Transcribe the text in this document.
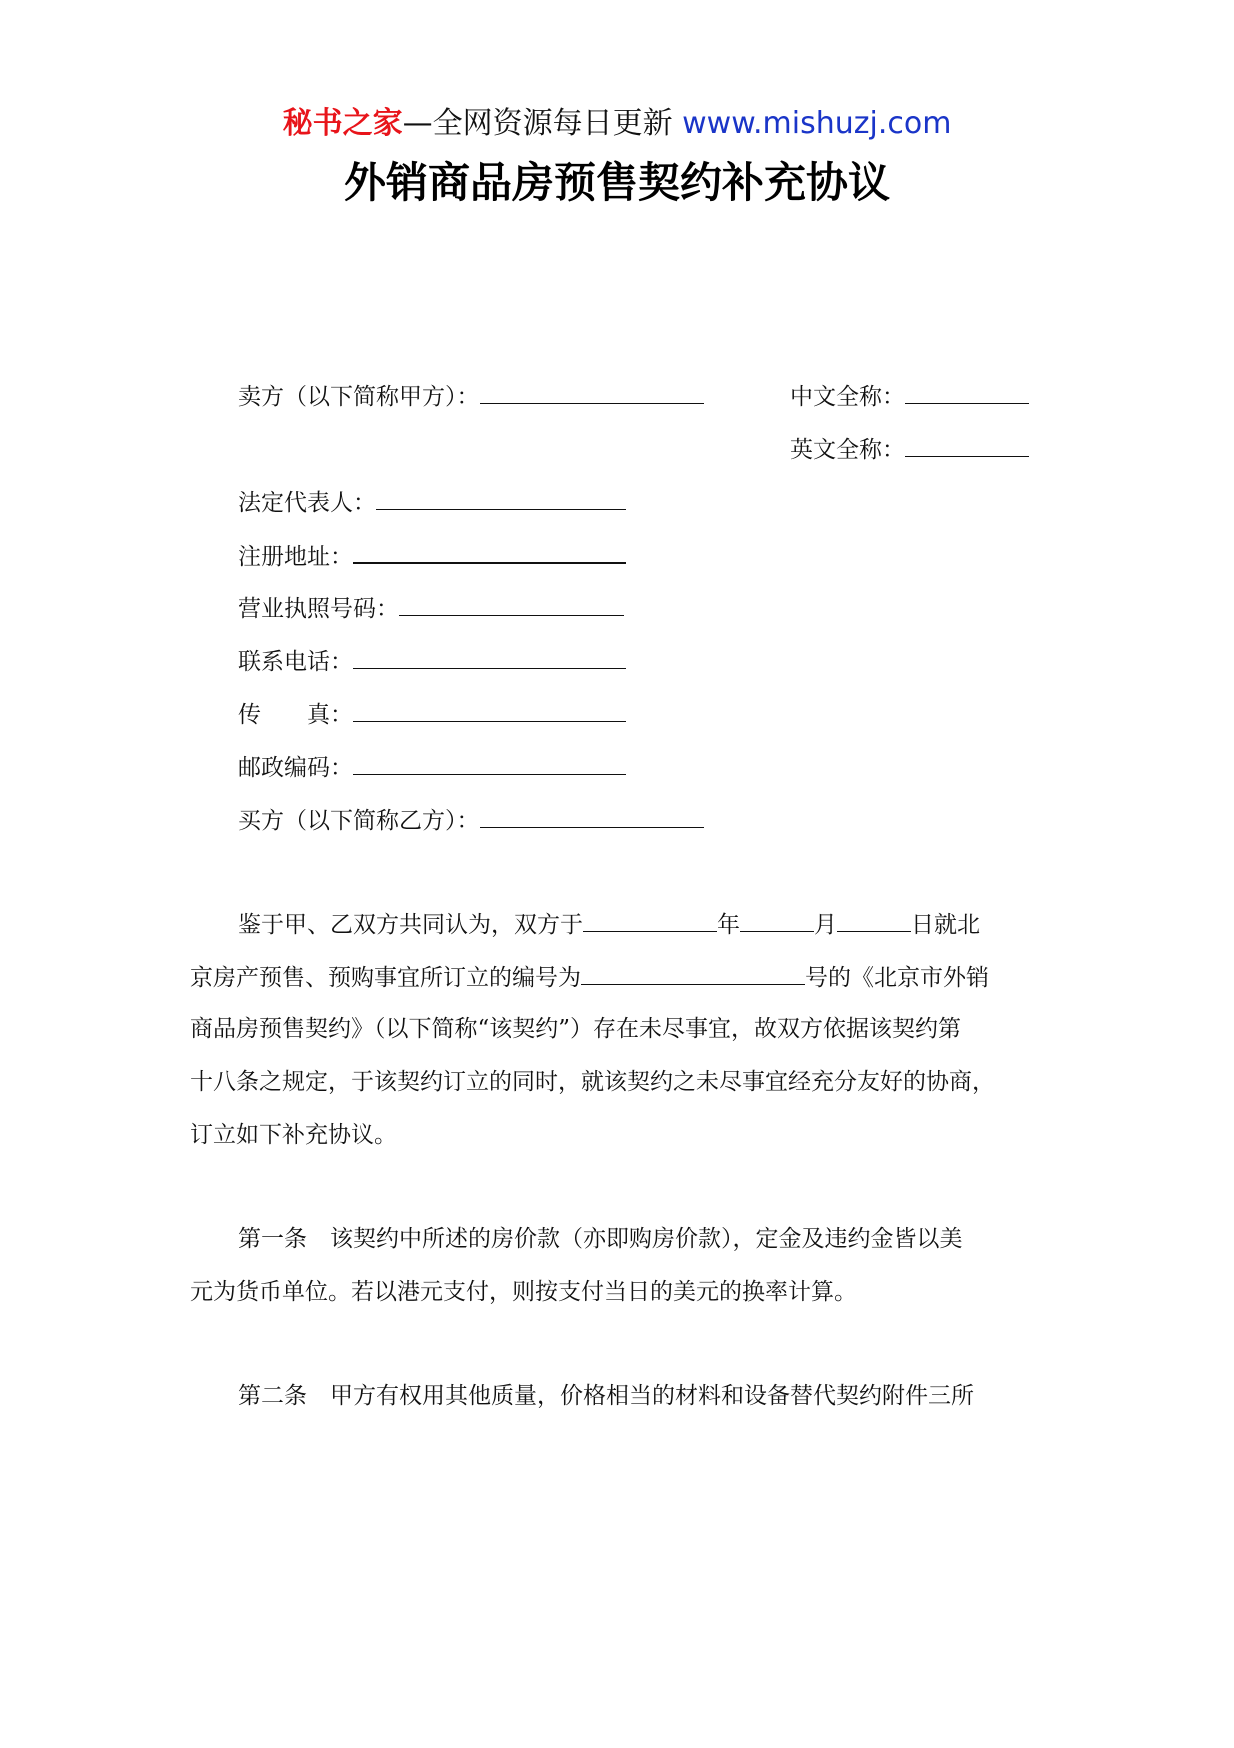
秘书之家—全网资源每日更新 www.mishuzj.com
外销商品房预售契约补充协议
卖方（以下简称甲方）：	中文全称：
英文全称：
法定代表人：
注册地址：
营业执照号码：
联系电话：
传　　真：
邮政编码：
买方（以下简称乙方）：
鉴于甲、乙双方共同认为，双方于	年	月	日就北
京房产预售、预购事宜所订立的编号为	号的《北京市外销
商品房预售契约》（以下简称“该契约”）存在未尽事宜，故双方依据该契约第
十八条之规定，于该契约订立的同时，就该契约之未尽事宜经充分友好的协商，
订立如下补充协议。
第一条　该契约中所述的房价款（亦即购房价款），定金及违约金皆以美
元为货币单位。若以港元支付，则按支付当日的美元的换率计算。
第二条　甲方有权用其他质量，价格相当的材料和设备替代契约附件三所
